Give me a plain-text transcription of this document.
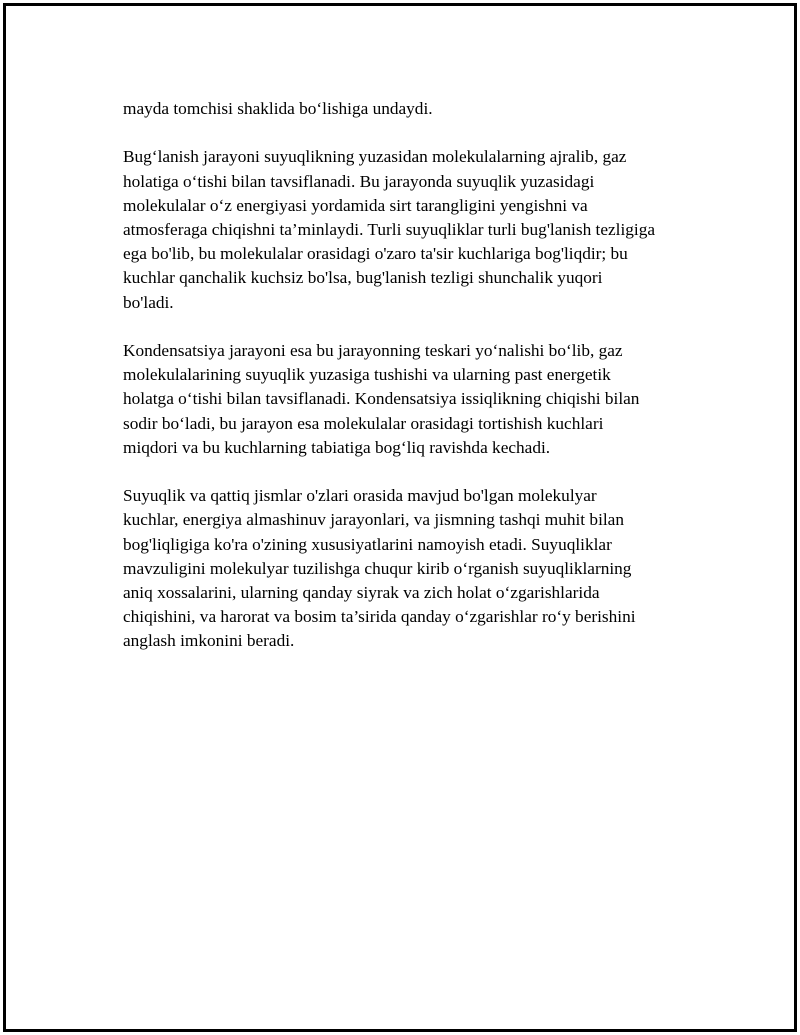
mayda tomchisi shaklida bo‘lishiga undaydi.

Bug‘lanish jarayoni suyuqlikning yuzasidan molekulalarning ajralib, gaz
holatiga o‘tishi bilan tavsiflanadi. Bu jarayonda suyuqlik yuzasidagi
molekulalar o‘z energiyasi yordamida sirt tarangligini yengishni va
atmosferaga chiqishni ta’minlaydi. Turli suyuqliklar turli bug'lanish tezligiga
ega bo'lib, bu molekulalar orasidagi o'zaro ta'sir kuchlariga bog'liqdir; bu
kuchlar qanchalik kuchsiz bo'lsa, bug'lanish tezligi shunchalik yuqori
bo'ladi.

Kondensatsiya jarayoni esa bu jarayonning teskari yo‘nalishi bo‘lib, gaz
molekulalarining suyuqlik yuzasiga tushishi va ularning past energetik
holatga o‘tishi bilan tavsiflanadi. Kondensatsiya issiqlikning chiqishi bilan
sodir bo‘ladi, bu jarayon esa molekulalar orasidagi tortishish kuchlari
miqdori va bu kuchlarning tabiatiga bog‘liq ravishda kechadi.

Suyuqlik va qattiq jismlar o'zlari orasida mavjud bo'lgan molekulyar
kuchlar, energiya almashinuv jarayonlari, va jismning tashqi muhit bilan
bog'liqligiga ko'ra o'zining xususiyatlarini namoyish etadi. Suyuqliklar
mavzuligini molekulyar tuzilishga chuqur kirib o‘rganish suyuqliklarning
aniq xossalarini, ularning qanday siyrak va zich holat o‘zgarishlarida
chiqishini, va harorat va bosim ta’sirida qanday o‘zgarishlar ro‘y berishini
anglash imkonini beradi.
